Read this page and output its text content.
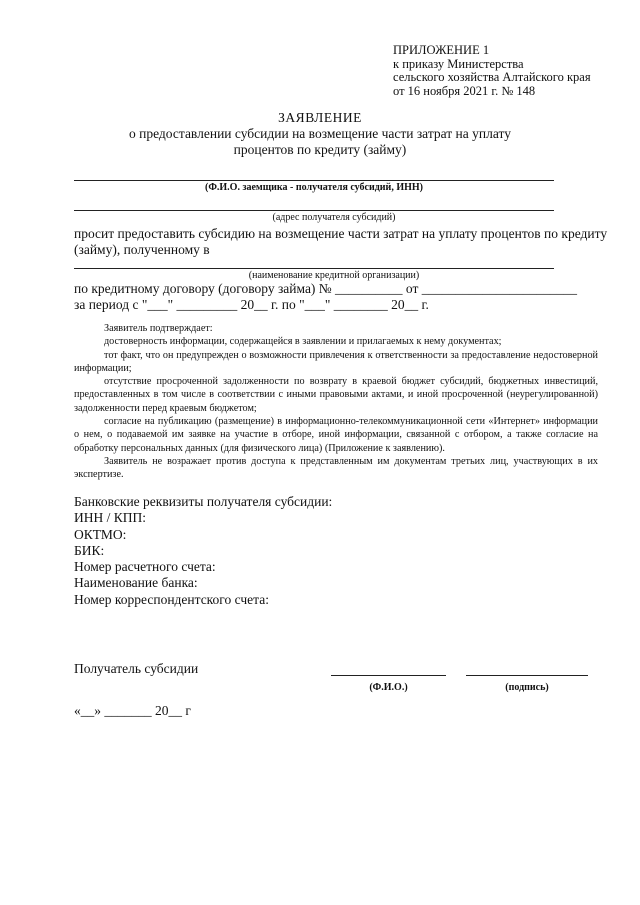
ПРИЛОЖЕНИЕ 1
к приказу Министерства
сельского хозяйства Алтайского края
от 16 ноября 2021 г. № 148
ЗАЯВЛЕНИЕ
о предоставлении субсидии на возмещение части затрат на уплату
процентов по кредиту (займу)
(Ф.И.О. заемщика - получателя субсидий, ИНН)
(адрес получателя субсидий)
просит предоставить субсидию на возмещение части затрат на уплату процентов по кредиту
(займу), полученному в
(наименование кредитной организации)
по кредитному договору (договору займа) № __________ от _______________________
за период с "___" _________ 20__ г. по "___" ________ 20__ г.

Заявитель подтверждает:

достоверность информации, содержащейся в заявлении и прилагаемых к нему документах;

тот факт, что он предупрежден о возможности привлечения к ответственности за предоставление недостоверной информации;

отсутствие просроченной задолженности по возврату в краевой бюджет субсидий, бюджетных инвестиций, предоставленных в том числе в соответствии с иными правовыми актами, и иной просроченной (неурегулированной) задолженности перед краевым бюджетом;

согласие на публикацию (размещение) в информационно-телекоммуникационной сети «Интернет» информации о нем, о подаваемой им заявке на участие в отборе, иной информации, связанной с отбором, а также согласие на обработку персональных данных (для физического лица) (Приложение к заявлению).

Заявитель не возражает против доступа к представленным им документам третьих лиц, участвующих в их экспертизе.

Банковские реквизиты получателя субсидии:
ИНН / КПП:
ОКТМО:
БИК:
Номер расчетного счета:
Наименование банка:
Номер корреспондентского счета:
Получатель субсидии
(Ф.И.О.)	(подпись)
«__» _______ 20__ г
